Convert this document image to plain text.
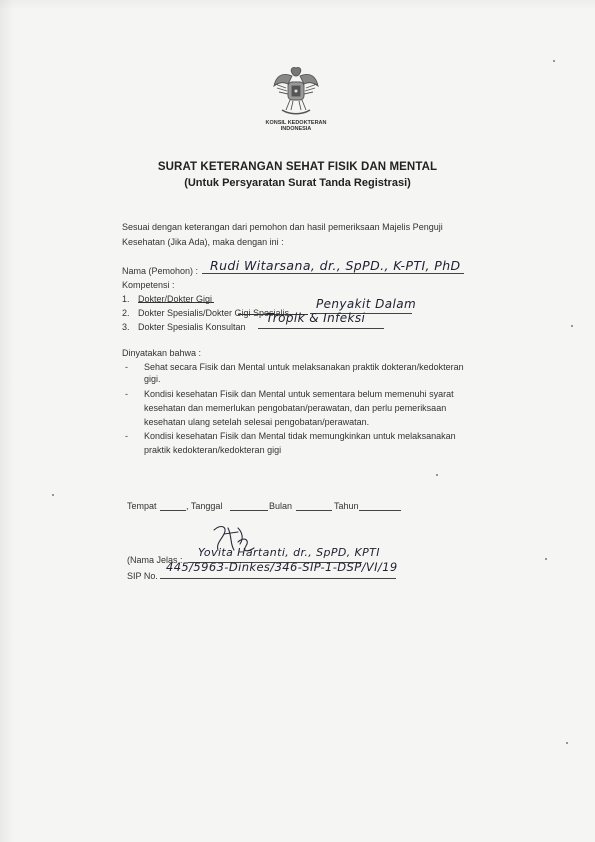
KONSIL KEDOKTERAN
INDONESIA
SURAT KETERANGAN SEHAT FISIK DAN MENTAL
(Untuk Persyaratan Surat Tanda Registrasi)
Sesuai dengan keterangan dari pemohon dan hasil pemeriksaan Majelis Penguji
Kesehatan (Jika Ada), maka dengan ini :
Nama (Pemohon) : Rudi Witarsana, dr., SpPD., K-PTI, PhD
Kompetensi :
1. Dokter/Dokter Gigi
2. Dokter Spesialis/Dokter Gigi Spesialis
Penyakit Dalam
3. Dokter Spesialis Konsultan
Tropik & Infeksi
Dinyatakan bahwa :
- Sehat secara Fisik dan Mental untuk melaksanakan praktik dokteran/kedokteran
gigi.
- Kondisi kesehatan Fisik dan Mental untuk sementara belum memenuhi syarat
kesehatan dan memerlukan pengobatan/perawatan, dan perlu pemeriksaan
kesehatan ulang setelah selesai pengobatan/perawatan.
- Kondisi kesehatan Fisik dan Mental tidak memungkinkan untuk melaksanakan
praktik kedokteran/kedokteran gigi
Tempat	, Tanggal	Bulan	Tahun
(Nama Jelas :
Yovita Hartanti, dr., SpPD, KPTI
SIP No.
445/5963-Dinkes/346-SIP-1-DSP/VI/19
